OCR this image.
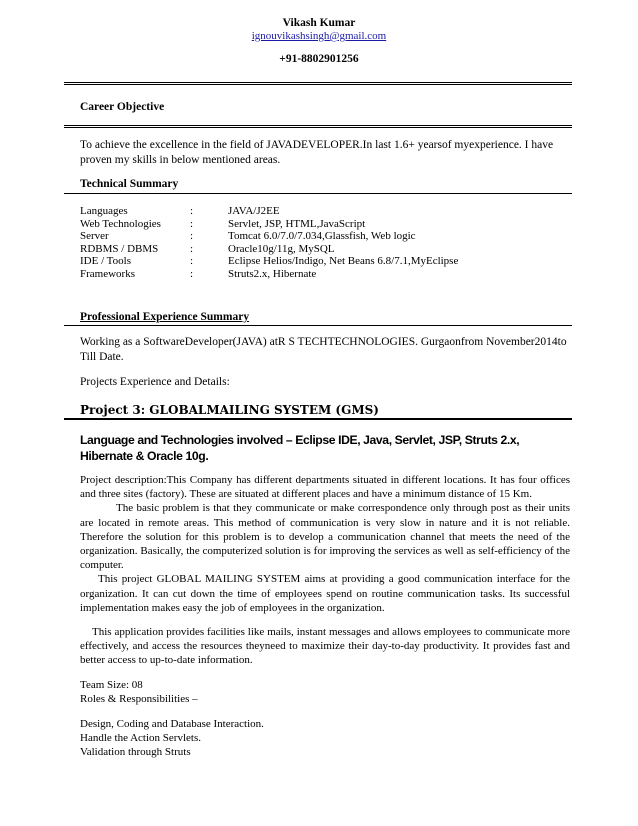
Vikash Kumar
ignouvikashsingh@gmail.com
+91-8802901256
Career Objective

To achieve the excellence in the field of JAVADEVELOPER.In last 1.6+ yearsof myexperience. I have proven my skills in below mentioned areas.

Technical Summary
Languages	:	JAVA/J2EE
Web Technologies	:	Servlet, JSP, HTML,JavaScript
Server	:	Tomcat 6.0/7.0/7.034,Glassfish, Web logic
RDBMS / DBMS	:	Oracle10g/11g, MySQL
IDE / Tools	:	Eclipse Helios/Indigo, Net Beans 6.8/7.1,MyEclipse
Frameworks	:	Struts2.x, Hibernate
Professional Experience Summary

Working as a SoftwareDeveloper(JAVA) atR S TECHTECHNOLOGIES. Gurgaonfrom November2014to Till Date.

Projects Experience and Details:
Project 3: GLOBALMAILING SYSTEM (GMS)
Language and Technologies involved – Eclipse IDE, Java, Servlet, JSP, Struts 2.x, Hibernate & Oracle 10g.

Project description:This Company has different departments situated in different locations. It has four offices and three sites (factory). These are situated at different places and have a minimum distance of 15 Km.

The basic problem is that they communicate or make correspondence only through post as their units are located in remote areas. This method of communication is very slow in nature and it is not reliable. Therefore the solution for this problem is to develop a communication channel that meets the need of the organization. Basically, the computerized solution is for improving the services as well as self-efficiency of the computer.

This project GLOBAL MAILING SYSTEM aims at providing a good communication interface for the organization. It can cut down the time of employees spend on routine communication tasks. Its successful implementation makes easy the job of employees in the organization.

This application provides facilities like mails, instant messages and allows employees to communicate more effectively, and access the resources theyneed to maximize their day-to-day productivity. It provides fast and better access to up-to-date information.

Team Size: 08

Roles & Responsibilities –

Design, Coding and Database Interaction.

Handle the Action Servlets.

Validation through Struts
